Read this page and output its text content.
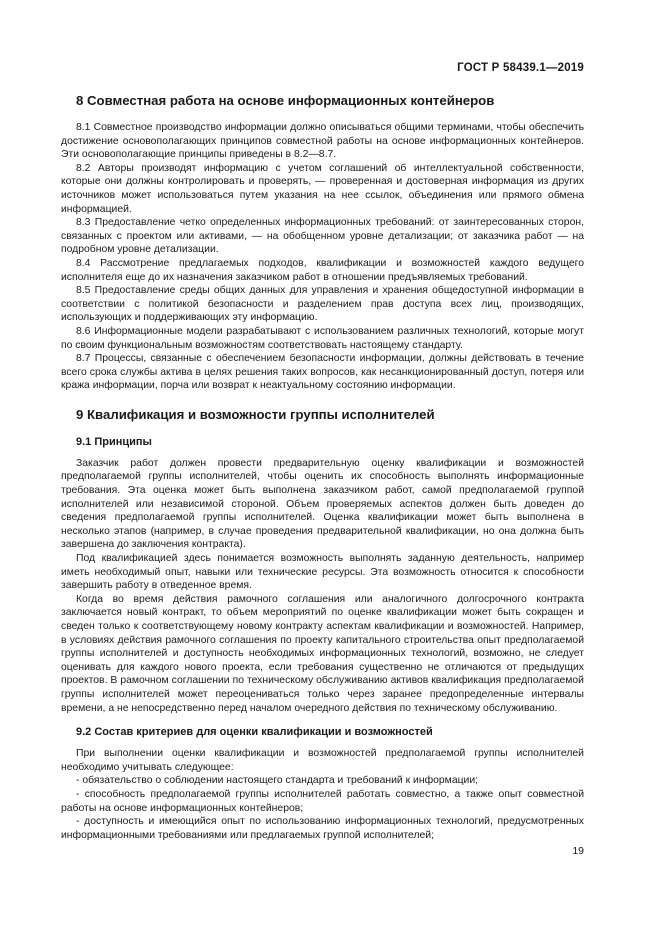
ГОСТ Р 58439.1—2019
8 Совместная работа на основе информационных контейнеров

8.1 Совместное производство информации должно описываться общими терминами, чтобы обеспечить достижение основополагающих принципов совместной работы на основе информационных контейнеров. Эти основополагающие принципы приведены в 8.2—8.7.

8.2 Авторы производят информацию с учетом соглашений об интеллектуальной собственности, которые они должны контролировать и проверять, — проверенная и достоверная информация из других источников может использоваться путем указания на нее ссылок, объединения или прямого обмена информацией.

8.3 Предоставление четко определенных информационных требований: от заинтересованных сторон, связанных с проектом или активами, — на обобщенном уровне детализации; от заказчика работ — на подробном уровне детализации.

8.4 Рассмотрение предлагаемых подходов, квалификации и возможностей каждого ведущего исполнителя еще до их назначения заказчиком работ в отношении предъявляемых требований.

8.5 Предоставление среды общих данных для управления и хранения общедоступной информации в соответствии с политикой безопасности и разделением прав доступа всех лиц, производящих, использующих и поддерживающих эту информацию.

8.6 Информационные модели разрабатывают с использованием различных технологий, которые могут по своим функциональным возможностям соответствовать настоящему стандарту.

8.7 Процессы, связанные с обеспечением безопасности информации, должны действовать в течение всего срока службы актива в целях решения таких вопросов, как несанкционированный доступ, потеря или кража информации, порча или возврат к неактуальному состоянию информации.

9 Квалификация и возможности группы исполнителей
9.1 Принципы

Заказчик работ должен провести предварительную оценку квалификации и возможностей предполагаемой группы исполнителей, чтобы оценить их способность выполнять информационные требования. Эта оценка может быть выполнена заказчиком работ, самой предполагаемой группой исполнителей или независимой стороной. Объем проверяемых аспектов должен быть доведен до сведения предполагаемой группы исполнителей. Оценка квалификации может быть выполнена в несколько этапов (например, в случае проведения предварительной квалификации, но она должна быть завершена до заключения контракта).

Под квалификацией здесь понимается возможность выполнять заданную деятельность, например иметь необходимый опыт, навыки или технические ресурсы. Эта возможность относится к способности завершить работу в отведенное время.

Когда во время действия рамочного соглашения или аналогичного долгосрочного контракта заключается новый контракт, то объем мероприятий по оценке квалификации может быть сокращен и сведен только к соответствующему новому контракту аспектам квалификации и возможностей. Например, в условиях действия рамочного соглашения по проекту капитального строительства опыт предполагаемой группы исполнителей и доступность необходимых информационных технологий, возможно, не следует оценивать для каждого нового проекта, если требования существенно не отличаются от предыдущих проектов. В рамочном соглашении по техническому обслуживанию активов квалификация предполагаемой группы исполнителей может переоцениваться только через заранее предопределенные интервалы времени, а не непосредственно перед началом очередного действия по техническому обслуживанию.

9.2 Состав критериев для оценки квалификации и возможностей

При выполнении оценки квалификации и возможностей предполагаемой группы исполнителей необходимо учитывать следующее:

- обязательство о соблюдении настоящего стандарта и требований к информации;

- способность предполагаемой группы исполнителей работать совместно, а также опыт совместной работы на основе информационных контейнеров;

- доступность и имеющийся опыт по использованию информационных технологий, предусмотренных информационными требованиями или предлагаемых группой исполнителей;

19
